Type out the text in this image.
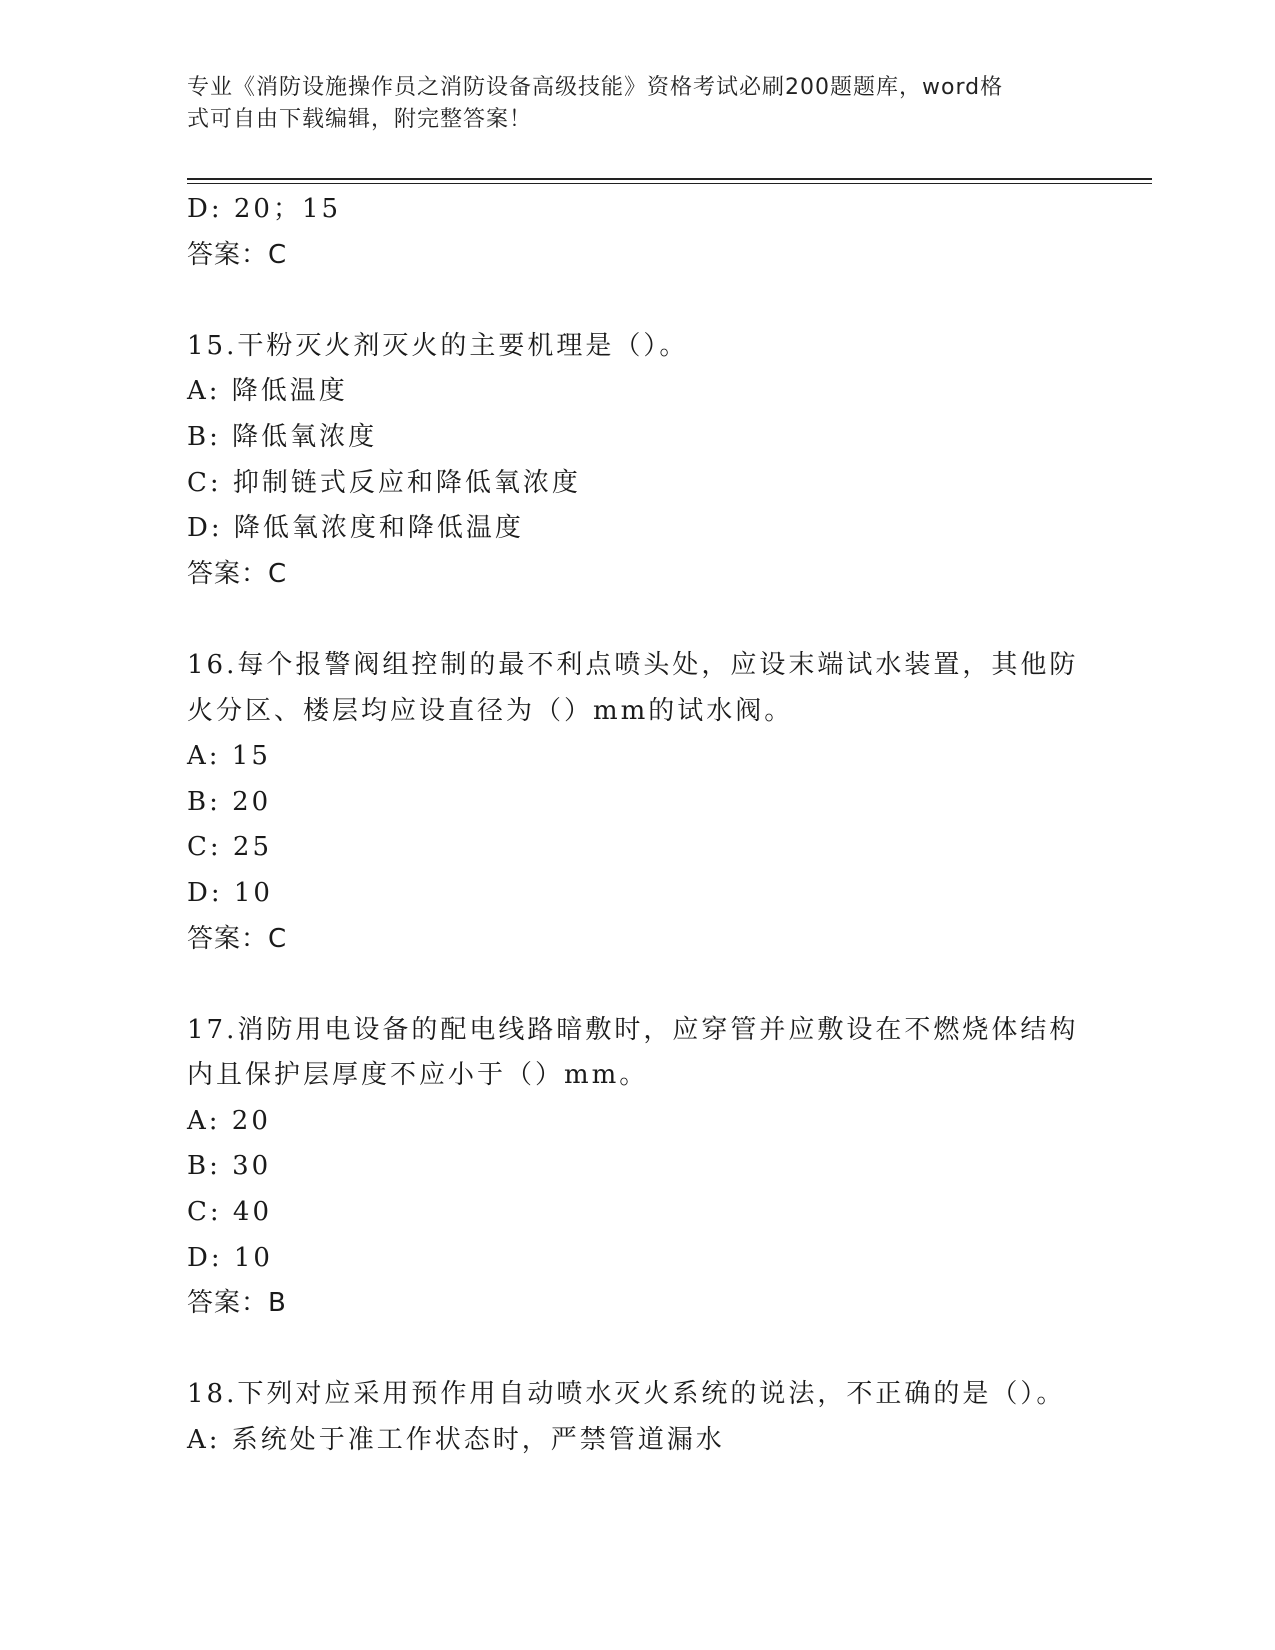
专业《消防设施操作员之消防设备高级技能》资格考试必刷200题题库，word格
式可自由下载编辑，附完整答案！
D: 20；15
答案：C
15.干粉灭火剂灭火的主要机理是（）。
A: 降低温度
B: 降低氧浓度
C: 抑制链式反应和降低氧浓度
D: 降低氧浓度和降低温度
答案：C
16.每个报警阀组控制的最不利点喷头处，应设末端试水装置，其他防
火分区、楼层均应设直径为（）mm的试水阀。
A: 15
B: 20
C: 25
D: 10
答案：C
17.消防用电设备的配电线路暗敷时，应穿管并应敷设在不燃烧体结构
内且保护层厚度不应小于（）mm。
A: 20
B: 30
C: 40
D: 10
答案：B
18.下列对应采用预作用自动喷水灭火系统的说法，不正确的是（）。
A: 系统处于准工作状态时，严禁管道漏水
